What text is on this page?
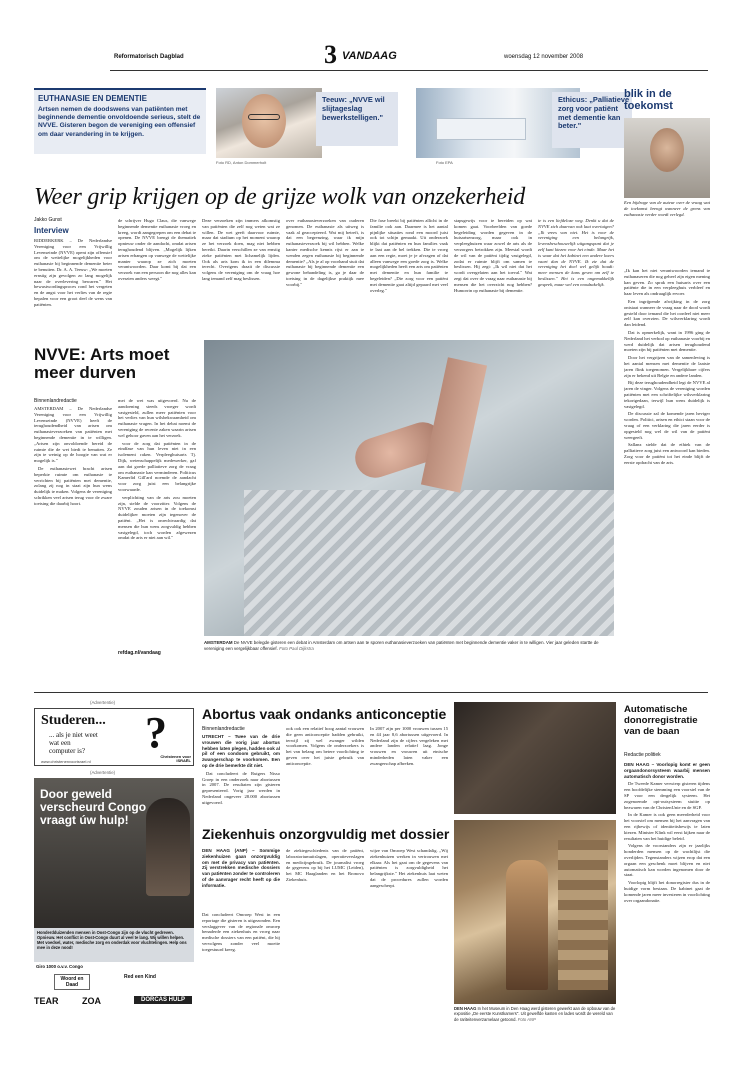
Reformatorisch Dagblad	3 VANDAAG	woensdag 12 november 2008
EUTHANASIE EN DEMENTIE
Artsen nemen de doodswens van patiënten met beginnende dementie onvoldoende serieus, stelt de NVVE. Gisteren begon de vereniging een offensief om daar verandering in te krijgen.
Foto RD, Anton Dommerholt
Teeuw: „NVVE wil slijtageslag bewerkstelligen."
Foto EPA
Ethicus: „Palliatieve zorg voor patiënt met dementie kan beter."
blik in de toekomst
Een bijdrage van de auteur over de vraag wat de toekomst brengt wanneer de grens van euthanasie verder wordt verlegd.

„Ik kan het niet verantwoorden iemand te euthanaseren die nog geheel zijn eigen mening kan geven. Zo sprak een huisarts over een patiënte die in een verpleeghuis verbleef en haar leven als ondraaglijk ervoer.

Een ingrijpende afwijking in de zorg ontstaat wanneer de vraag naar de dood wordt gesteld door iemand die het oordeel niet meer zelf kan overzien. De wilsverklaring wordt dan leidend.

Dat is opmerkelijk, want in 1996 ging de Nederland het verbod op euthanasie voorbij en werd duidelijk dat artsen terughoudend moeten zijn bij patiënten met dementie.

Door het vergrijzen van de samenleving is het aantal mensen met dementie de laatste jaren flink toegenomen. Vergelijkbare cijfers zijn er bekend uit Belgie en andere landen.

Bij deze terughoudendheid legt de NVVE al jaren de vinger. Volgens de vereniging worden patiënten met een schriftelijke wilsverklaring tekortgedaan, terwijl hun wens duidelijk is vastgelegd.

De discussie zal de komende jaren heviger worden. Politici, artsen en ethici staan voor de vraag of een verklaring die jaren eerder is opgesteld nog wel de wil van de patiënt weergeeft.

Sallanz stelde dat de ethiek van de palliatieve zorg juist een antwoord kan bieden. Zorg voor de patiënt tot het einde blijft de eerste opdracht van de arts.

Weer grip krijgen op de grijze wolk van onzekerheid
Jakko Gunst
Interview
RIDDERKERK – De Nederlandse Vereniging voor een Vrijwillig Levenseinde (NVVE) opent zijn offensief om de wettelijke mogelijkheden voor euthanasie bij beginnende dementie beter te benutten. Dr. A. A. Teeuw: „We moeten ernstig zijn gevolgen zo lang mogelijk naar de overlevering bewaren." Het bewustwordingsproces rond het vergeten en de angst voor het verlies van de regie bepalen voor een groot deel de wens van patiënten.
de schrijver Hugo Claus, die vanwege beginnende dementie euthanasie vroeg en kreeg, wordt aangegrepen om een debat te openen. De NVVE brengt de thematiek opnieuw onder de aandacht, omdat artsen terughoudend blijven. „Mogelijk lijken artsen erbangen op vanwege de wettelijke manier waarop ze zich moeten verantwoorden. Daar komt bij dat een verzoek van een persoon die nog alles kan overzien anders weegt."
Deze verzoeken zijn immers afkomstig van patiënten die zelf nog weten wat ze willen. De wet geeft daarvoor ruimte, maar dat stadium op het moment waarop ze het verzoek doen, mag niet hebben bereikt. Daarin verschillen ze van ernstig zieke patiënten met lichamelijk lijden. Ook als arts kom ik in een dilemma terecht. Overigens draait de discussie volgens de vereniging om de vraag hoe lang iemand zelf mag beslissen.
over euthanasieverzoeken van ouderen genomen. De euthanasie als uitweg is vaak al geaccepteerd. Wat mij betreft, is dat een begrenzing, waar ik mijn euthanasieverzoek bij wil hebben. Welke kanter medische kennis rijst er aan te wenden zegen euthanasie bij beginnende dementie? „Als je al op voorhand stuit dat euthanasie bij beginnende dementie een gewone behandeling is, ga je daar de toetsing in de dagelijkse praktijk mee voorbij."
Die fase breekt bij patiënten allicht in de familie ook aan. Daarmee is het aantal pijnlijke situaties rond een moord juist ook tot schijn gemaakt. Uit onderzoek blijkt dat patiënten en hun families vaak te laat aan de bel trekken. Die te vroeg aan een regie, moet je je afvragen of dat alleen vanwege een goede zorg is. Welke mogelijkheden heeft een arts om patiënten met dementie en hun familie te begeleiden? „Die zorg voor een patiënt met dementie gaat altijd gepaard met veel overleg."
stapsgewijs voor te bereiden op wat komen gaat. Voorbeelden van goede begeleiding worden gegeven in de huisartsenzorg, maar ook in verpleeghuizen waar zowel de arts als de verzorgers betrokken zijn. Meestal wordt de wil van de patiënt tijdig vastgelegd, zodat er ruimte blijft om samen te beslissen. Hij zegt: „Ik wil niet dat het wordt overgelaten aan het toeval." Wat zegt dat over de vraag naar euthanasie bij mensen die het overzicht nog hebben? Humorrin op euthanasie bij dementie.
te is een liefdeloze weg. Denkt u dat de NVVE zich daarvan ook laat overtuigen? „Ik vrees van niet. Het is voor de vereniging een belangrijk, levensbeschouwelijk uitgangspunt dat je zelf kunt kiezen voor het einde. Maar het is waar dat het kabinet een andere koers vaart dan de NVVE. Ik zie dat de vereniging het doel wel gelijk houdt: meer mensen de kans geven om zelf te beslissen." Het is een ongemakkelijk gesprek, maar wel een noodzakelijk.
NVVE: Arts moet meer durven
Binnenlandredactie

AMSTERDAM – De Nederlandse Vereniging voor een Vrijwillig Levenseinde (NVVE) heeft de terughoudendheid van artsen om euthanasieverzoeken van patiënten met beginnende dementie in te willigen. „Artsen zijn onvoldoende bereid de ruimte die de wet biedt te benutten. Ze zijn te weinig op de hoogte van wat er mogelijk is."

De euthanasiewet bracht artsen beperkte ruimte om euthanasie te verrichten bij patiënten met dementie, zolang zij nog in staat zijn hun wens duidelijk te maken. Volgens de vereniging schrikken veel artsen terug voor de zware toetsing die daarbij hoort.

mei de wet was uitgevoerd. Nu de aandoening steeds vroeger wordt vastgesteld, zullen meer patiënten voor het verlies van hun wilsbekwaamheid om euthanasie vragen. In het debat noemt de vereniging de recente zaken waarin artsen wel gehoor gaven aan het verzoek.

voor de zorg dat patiënten in de eindfase van hun leven niet in een isolement raken. Verpleeghuisarts Tj. Dijk, wetenschappelijk medewerker, gaf aan dat goede palliatieve zorg de vraag om euthanasie kan verminderen. Politicus Kamerlid Gill'ard noemde de aandacht voor zorg juist een belangrijke voorwaarde.

verplichting van de arts zou moeten zijn, stelde de voorzitter. Volgens de NVVE zouden artsen in de toekomst duidelijker moeten zijn tegenover de patiënt. „Het is onrechtvaardig dat mensen die hun wens zorgvuldig hebben vastgelegd, toch worden afgewezen omdat de arts er niet aan wil."

refdag.nl/vandaag
AMSTERDAM De NVVE belegde gisteren een debat in Amsterdam om artsen aan te sporen euthanasieverzoeken van patiënten met beginnende dementie vaker in te willigen. Vier jaar geleden startte de vereniging een vergelijkbaar offensief. Foto Paul Dijkstra
(Advertentie)
Studeren...
... als je niet weet
wat een
computer is? ?
Christenen voor ISRAËL
www.christenenvoorisrael.nl
(Advertentie)
Door geweld verscheurd Congo vraagt úw hulp!
Honderdduizenden mensen in Oost-Congo zijn op de vlucht gedreven. Opnieuw. Het conflict in Oost-Congo duurt al veel te lang. Wij willen helpen. Met voedsel, water, medische zorg en onderdak voor vluchtelingen. Help ons mee in deze nood!
Giro 1000 o.v.v. Congo
Woord en Daad
Red een Kind
TEAR	ZOA	DORCAS HULP
Abortus vaak ondanks anticonceptie
Binnenlandredactie

UTRECHT – Twee van de drie vrouwen die vorig jaar abortus hebben laten plegen, hadden ook al pil of een condoom gebruikt, om zwangerschap te voorkomen. Een op de drie bemerkte dit niet.

Dat concludeert de Rutgers Nisso Groep in een onderzoek naar abortussen in 2007. De resultaten zijn gisteren gepresenteerd. Vorig jaar werden in Nederland ongeveer 28.000 abortussen uitgevoerd.

ook ook een relatief hoog aantal vrouwen die geen anticonceptie hadden gebruikt, terwijl zij wel zwanger wilden voorkomen. Volgens de onderzoekers is het van belang om betere voorlichting te geven over het juiste gebruik van anticonceptie.
In 2007 zijn per 1000 vrouwen tussen 15 en 44 jaar 8,6 abortussen uitgevoerd. In Nederland zijn de cijfers vergeleken met andere landen relatief laag. Jonge vrouwen en vrouwen uit etnische minderheden laten vaker een zwangerschap afbreken.
Ziekenhuis onzorgvuldig met dossier
DEN HAAG (ANP) – Sommige ziekenhuizen gaan onzorgvuldig om met de privacy van patiënten. Zij verstrekken medische dossiers van patiënten zonder te controleren of de aanvrager recht heeft op die informatie.
Dat concludeert Omroep West in een reportage die gisteren is uitgezonden. Een verslaggever van de regionale omroep benaderde een ziekenhuis en vroeg naar medische dossiers van een patiënt, die hij vervolgens zonder veel moeite toegestuurd kreeg.
de ziektegeschiedenis van de patiënt, laboratoriumuitslagen, operatieverslagen en medicijngebruik. De journalist vroeg de gegevens op bij het LUMC (Leiden), het MC Haaglanden en het Bronovo Ziekenhuis.
wijze van Omroep West schandalig. „Wij ziekenhuizen werken in vertrouwen met elkaar. Als het gaat om de gegevens van patiënten is zorgvuldigheid het belangrijkste." Het ziekenhuis laat weten dat de procedures zullen worden aangescherpt.
DEN HAAG In het Museum in Den Haag werd gisteren gewerkt aan de opbouw van de expositie „De eerste Kunstkamers". Uit gewelfde kasten en lades wordt de wereld van de rariteitenverzamelaar getoond. Foto ANP
Automatische donorregistratie van de baan
Redactie politiek

DEN HAAG – Voorlopig komt er geen orgaandonorsysteem waarbij mensen automatisch donor worden.

De Tweede Kamer verwierp gisteren tijdens een hoofdelijke stemming een voorstel van de SP voor een dergelijk systeem. Het zogenoemde opt-outsysteem stuitte op bezwaren van de ChristenUnie en de SGP.

In de Kamer is ook geen meerderheid voor het voorstel om mensen bij het aanvragen van een rijbewijs of identiteitsbewijs te laten kiezen. Minister Klink wil eerst kijken naar de resultaten van het huidige beleid.

Volgens de voorstanders zijn er jaarlijks honderden mensen op de wachtlijst die overlijden. Tegenstanders wijzen erop dat een orgaan een geschenk moet blijven en niet automatisch kan worden ingenomen door de staat.

Voorlopig blijft het donorregister dus in de huidige vorm bestaan. De kabinet gaat de komende jaren meer investeren in voorlichting over orgaandonatie.
